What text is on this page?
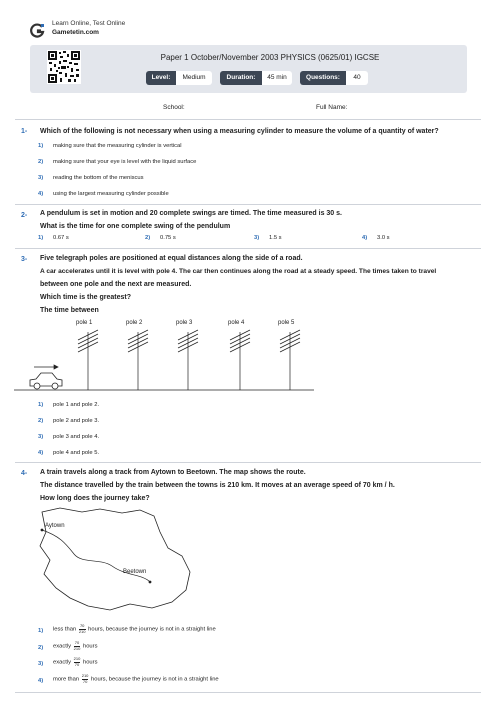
Learn Online, Test Online
Gametetin.com
Paper 1 October/November 2003 PHYSICS (0625/01) IGCSE
Level:	Medium	Duration:	45 min	Questions:	40
School:	Full Name:
1- Which of the following is not necessary when using a measuring cylinder to measure the volume of a quantity of water?
1) making sure that the measuring cylinder is vertical
2) making sure that your eye is level with the liquid surface
3) reading the bottom of the meniscus
4) using the largest measuring cylinder possible
2- A pendulum is set in motion and 20 complete swings are timed. The time measured is 30 s.
What is the time for one complete swing of the pendulum
1) 0.67 s	2) 0.75 s	3) 1.5 s	4) 3.0 s
3- Five telegraph poles are positioned at equal distances along the side of a road.
A car accelerates until it is level with pole 4. The car then continues along the road at a steady speed. The times taken to travel
between one pole and the next are measured.
Which time is the greatest?
The time between
pole 1	pole 2	pole 3	pole 4	pole 5
1) pole 1 and pole 2.
2) pole 2 and pole 3.
3) pole 3 and pole 4.
4) pole 4 and pole 5.
4- A train travels along a track from Aytown to Beetown. The map shows the route.
The distance travelled by the train between the towns is 210 km. It moves at an average speed of 70 km / h.
How long does the journey take?
Aytown
Beetown
1) less than $\frac{70}{210}$ hours, because the journey is not in a straight line
2) exactly $\frac{70}{210}$ hours
3) exactly $\frac{210}{70}$ hours
4) more than $\frac{210}{70}$ hours, because the journey is not in a straight line
